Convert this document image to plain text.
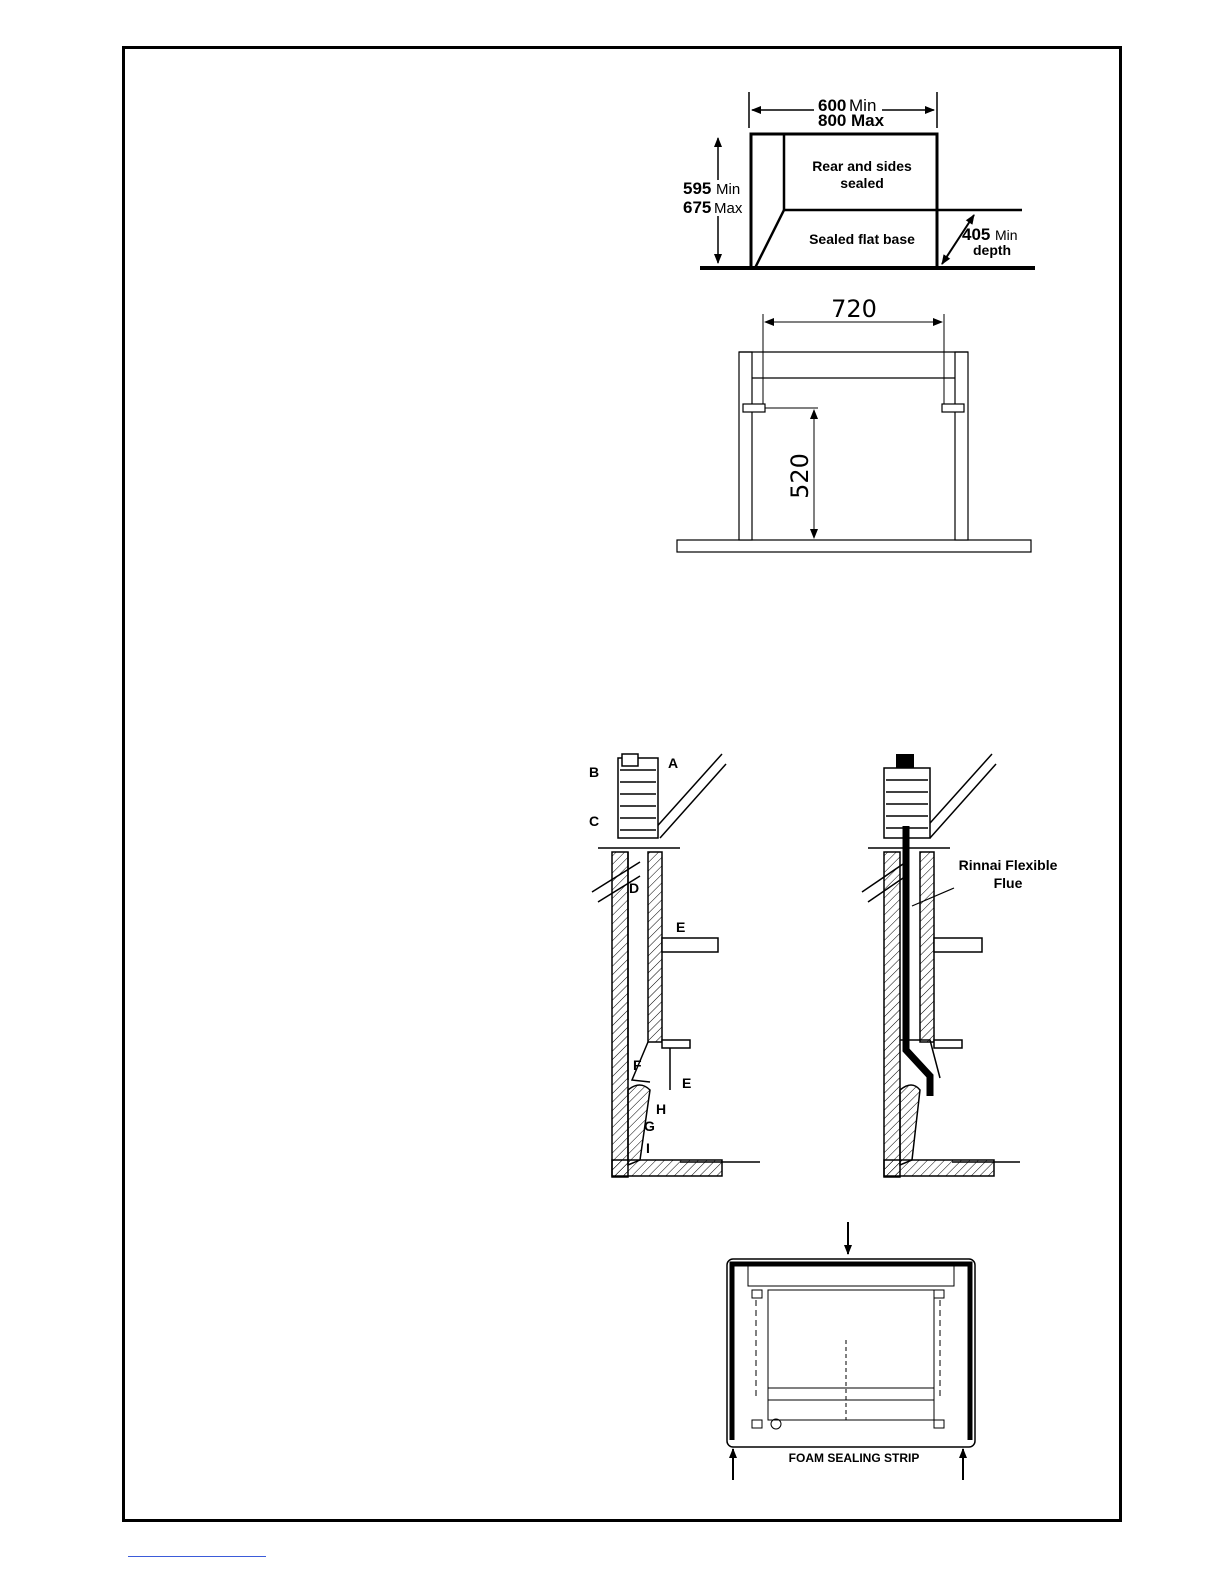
600 Min
800 Max
595 Min
675 Max
Rear and sides
sealed
Sealed flat base	405 Min
depth
720
520
A
B
C
D
E
E
F
G
H
I
Rinnai Flexible
Flue
FOAM SEALING STRIP
